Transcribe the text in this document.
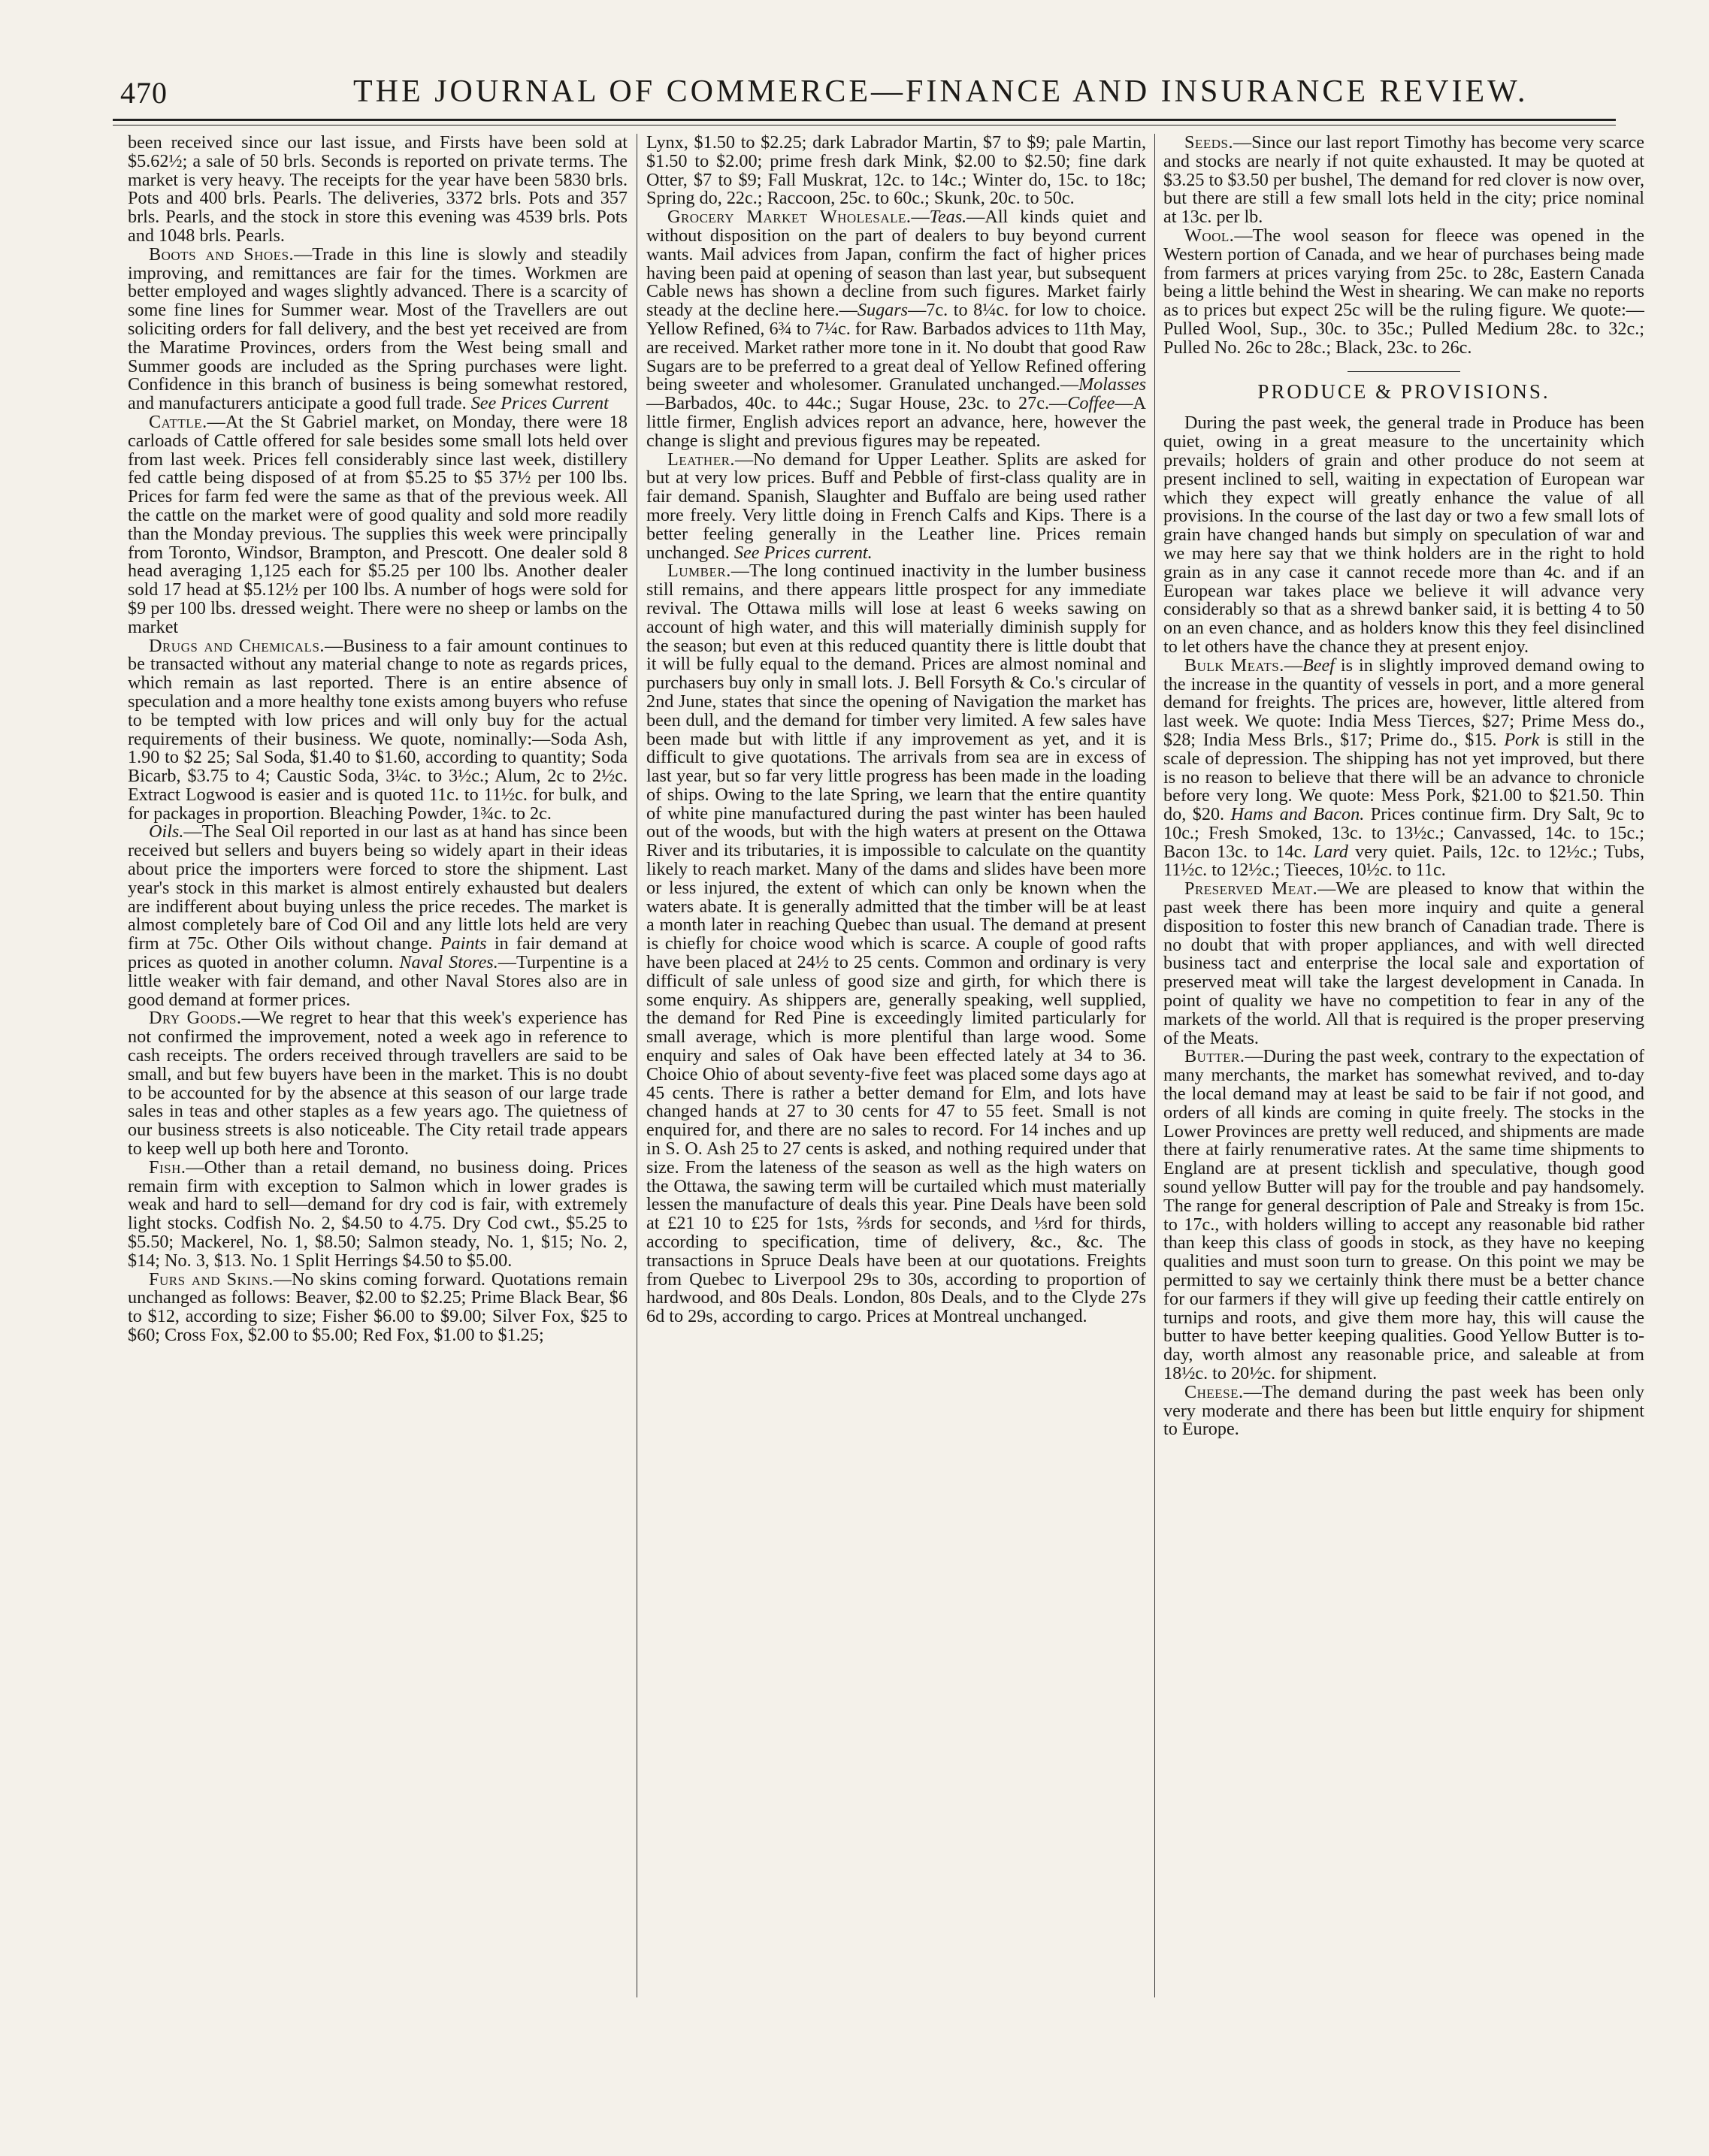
470	THE JOURNAL OF COMMERCE—FINANCE AND INSURANCE REVIEW.

been received since our last issue, and Firsts have been sold at $5.62½; a sale of 50 brls. Seconds is reported on private terms. The market is very heavy. The receipts for the year have been 5830 brls. Pots and 400 brls. Pearls. The deliveries, 3372 brls. Pots and 357 brls. Pearls, and the stock in store this evening was 4539 brls. Pots and 1048 brls. Pearls.

Boots and Shoes.—Trade in this line is slowly and steadily improving, and remittances are fair for the times. Workmen are better employed and wages slightly advanced. There is a scarcity of some fine lines for Summer wear. Most of the Travellers are out soliciting orders for fall delivery, and the best yet received are from the Maratime Provinces, orders from the West being small and Summer goods are included as the Spring purchases were light. Confidence in this branch of business is being somewhat restored, and manufacturers anticipate a good full trade. See Prices Current

Cattle.—At the St Gabriel market, on Monday, there were 18 carloads of Cattle offered for sale besides some small lots held over from last week. Prices fell considerably since last week, distillery fed cattle being disposed of at from $5.25 to $5 37½ per 100 lbs. Prices for farm fed were the same as that of the previous week. All the cattle on the market were of good quality and sold more readily than the Monday previous. The supplies this week were principally from Toronto, Windsor, Brampton, and Prescott. One dealer sold 8 head averaging 1,125 each for $5.25 per 100 lbs. Another dealer sold 17 head at $5.12½ per 100 lbs. A number of hogs were sold for $9 per 100 lbs. dressed weight. There were no sheep or lambs on the market

Drugs and Chemicals.—Business to a fair amount continues to be transacted without any material change to note as regards prices, which remain as last reported. There is an entire absence of speculation and a more healthy tone exists among buyers who refuse to be tempted with low prices and will only buy for the actual requirements of their business. We quote, nominally:—Soda Ash, 1.90 to $2 25; Sal Soda, $1.40 to $1.60, according to quantity; Soda Bicarb, $3.75 to 4; Caustic Soda, 3¼c. to 3½c.; Alum, 2c to 2½c. Extract Logwood is easier and is quoted 11c. to 11½c. for bulk, and for packages in proportion. Bleaching Powder, 1¾c. to 2c.

Oils.—The Seal Oil reported in our last as at hand has since been received but sellers and buyers being so widely apart in their ideas about price the importers were forced to store the shipment. Last year's stock in this market is almost entirely exhausted but dealers are indifferent about buying unless the price recedes. The market is almost completely bare of Cod Oil and any little lots held are very firm at 75c. Other Oils without change. Paints in fair demand at prices as quoted in another column. Naval Stores.—Turpentine is a little weaker with fair demand, and other Naval Stores also are in good demand at former prices.

Dry Goods.—We regret to hear that this week's experience has not confirmed the improvement, noted a week ago in reference to cash receipts. The orders received through travellers are said to be small, and but few buyers have been in the market. This is no doubt to be accounted for by the absence at this season of our large trade sales in teas and other staples as a few years ago. The quietness of our business streets is also noticeable. The City retail trade appears to keep well up both here and Toronto.

Fish.—Other than a retail demand, no business doing. Prices remain firm with exception to Salmon which in lower grades is weak and hard to sell—demand for dry cod is fair, with extremely light stocks. Codfish No. 2, $4.50 to 4.75. Dry Cod cwt., $5.25 to $5.50; Mackerel, No. 1, $8.50; Salmon steady, No. 1, $15; No. 2, $14; No. 3, $13. No. 1 Split Herrings $4.50 to $5.00.

Furs and Skins.—No skins coming forward. Quotations remain unchanged as follows: Beaver, $2.00 to $2.25; Prime Black Bear, $6 to $12, according to size; Fisher $6.00 to $9.00; Silver Fox, $25 to $60; Cross Fox, $2.00 to $5.00; Red Fox, $1.00 to $1.25;

Lynx, $1.50 to $2.25; dark Labrador Martin, $7 to $9; pale Martin, $1.50 to $2.00; prime fresh dark Mink, $2.00 to $2.50; fine dark Otter, $7 to $9; Fall Muskrat, 12c. to 14c.; Winter do, 15c. to 18c; Spring do, 22c.; Raccoon, 25c. to 60c.; Skunk, 20c. to 50c.

Grocery Market Wholesale.—Teas.—All kinds quiet and without disposition on the part of dealers to buy beyond current wants. Mail advices from Japan, confirm the fact of higher prices having been paid at opening of season than last year, but subsequent Cable news has shown a decline from such figures. Market fairly steady at the decline here.—Sugars—7c. to 8¼c. for low to choice. Yellow Refined, 6¾ to 7¼c. for Raw. Barbados advices to 11th May, are received. Market rather more tone in it. No doubt that good Raw Sugars are to be preferred to a great deal of Yellow Refined offering being sweeter and wholesomer. Granulated unchanged.—Molasses—Barbados, 40c. to 44c.; Sugar House, 23c. to 27c.—Coffee—A little firmer, English advices report an advance, here, however the change is slight and previous figures may be repeated.

Leather.—No demand for Upper Leather. Splits are asked for but at very low prices. Buff and Pebble of first-class quality are in fair demand. Spanish, Slaughter and Buffalo are being used rather more freely. Very little doing in French Calfs and Kips. There is a better feeling generally in the Leather line. Prices remain unchanged. See Prices current.

Lumber.—The long continued inactivity in the lumber business still remains, and there appears little prospect for any immediate revival. The Ottawa mills will lose at least 6 weeks sawing on account of high water, and this will materially diminish supply for the season; but even at this reduced quantity there is little doubt that it will be fully equal to the demand. Prices are almost nominal and purchasers buy only in small lots. J. Bell Forsyth & Co.'s circular of 2nd June, states that since the opening of Navigation the market has been dull, and the demand for timber very limited. A few sales have been made but with little if any improvement as yet, and it is difficult to give quotations. The arrivals from sea are in excess of last year, but so far very little progress has been made in the loading of ships. Owing to the late Spring, we learn that the entire quantity of white pine manufactured during the past winter has been hauled out of the woods, but with the high waters at present on the Ottawa River and its tributaries, it is impossible to calculate on the quantity likely to reach market. Many of the dams and slides have been more or less injured, the extent of which can only be known when the waters abate. It is generally admitted that the timber will be at least a month later in reaching Quebec than usual. The demand at present is chiefly for choice wood which is scarce. A couple of good rafts have been placed at 24½ to 25 cents. Common and ordinary is very difficult of sale unless of good size and girth, for which there is some enquiry. As shippers are, generally speaking, well supplied, the demand for Red Pine is exceedingly limited particularly for small average, which is more plentiful than large wood. Some enquiry and sales of Oak have been effected lately at 34 to 36. Choice Ohio of about seventy-five feet was placed some days ago at 45 cents. There is rather a better demand for Elm, and lots have changed hands at 27 to 30 cents for 47 to 55 feet. Small is not enquired for, and there are no sales to record. For 14 inches and up in S. O. Ash 25 to 27 cents is asked, and nothing required under that size. From the lateness of the season as well as the high waters on the Ottawa, the sawing term will be curtailed which must materially lessen the manufacture of deals this year. Pine Deals have been sold at £21 10 to £25 for 1sts, ⅔rds for seconds, and ⅓rd for thirds, according to specification, time of delivery, &c., &c. The transactions in Spruce Deals have been at our quotations. Freights from Quebec to Liverpool 29s to 30s, according to proportion of hardwood, and 80s Deals. London, 80s Deals, and to the Clyde 27s 6d to 29s, according to cargo. Prices at Montreal unchanged.

Seeds.—Since our last report Timothy has become very scarce and stocks are nearly if not quite exhausted. It may be quoted at $3.25 to $3.50 per bushel, The demand for red clover is now over, but there are still a few small lots held in the city; price nominal at 13c. per lb.

Wool.—The wool season for fleece was opened in the Western portion of Canada, and we hear of purchases being made from farmers at prices varying from 25c. to 28c, Eastern Canada being a little behind the West in shearing. We can make no reports as to prices but expect 25c will be the ruling figure. We quote:—Pulled Wool, Sup., 30c. to 35c.; Pulled Medium 28c. to 32c.; Pulled No. 26c to 28c.; Black, 23c. to 26c.

PRODUCE & PROVISIONS.

During the past week, the general trade in Produce has been quiet, owing in a great measure to the uncertainity which prevails; holders of grain and other produce do not seem at present inclined to sell, waiting in expectation of European war which they expect will greatly enhance the value of all provisions. In the course of the last day or two a few small lots of grain have changed hands but simply on speculation of war and we may here say that we think holders are in the right to hold grain as in any case it cannot recede more than 4c. and if an European war takes place we believe it will advance very considerably so that as a shrewd banker said, it is betting 4 to 50 on an even chance, and as holders know this they feel disinclined to let others have the chance they at present enjoy.

Bulk Meats.—Beef is in slightly improved demand owing to the increase in the quantity of vessels in port, and a more general demand for freights. The prices are, however, little altered from last week. We quote: India Mess Tierces, $27; Prime Mess do., $28; India Mess Brls., $17; Prime do., $15. Pork is still in the scale of depression. The shipping has not yet improved, but there is no reason to believe that there will be an advance to chronicle before very long. We quote: Mess Pork, $21.00 to $21.50. Thin do, $20. Hams and Bacon. Prices continue firm. Dry Salt, 9c to 10c.; Fresh Smoked, 13c. to 13½c.; Canvassed, 14c. to 15c.; Bacon 13c. to 14c. Lard very quiet. Pails, 12c. to 12½c.; Tubs, 11½c. to 12½c.; Tieeces, 10½c. to 11c.

Preserved Meat.—We are pleased to know that within the past week there has been more inquiry and quite a general disposition to foster this new branch of Canadian trade. There is no doubt that with proper appliances, and with well directed business tact and enterprise the local sale and exportation of preserved meat will take the largest development in Canada. In point of quality we have no competition to fear in any of the markets of the world. All that is required is the proper preserving of the Meats.

Butter.—During the past week, contrary to the expectation of many merchants, the market has somewhat revived, and to-day the local demand may at least be said to be fair if not good, and orders of all kinds are coming in quite freely. The stocks in the Lower Provinces are pretty well reduced, and shipments are made there at fairly renumerative rates. At the same time shipments to England are at present ticklish and speculative, though good sound yellow Butter will pay for the trouble and pay handsomely. The range for general description of Pale and Streaky is from 15c. to 17c., with holders willing to accept any reasonable bid rather than keep this class of goods in stock, as they have no keeping qualities and must soon turn to grease. On this point we may be permitted to say we certainly think there must be a better chance for our farmers if they will give up feeding their cattle entirely on turnips and roots, and give them more hay, this will cause the butter to have better keeping qualities. Good Yellow Butter is to-day, worth almost any reasonable price, and saleable at from 18½c. to 20½c. for shipment.

Cheese.—The demand during the past week has been only very moderate and there has been but little enquiry for shipment to Europe.
